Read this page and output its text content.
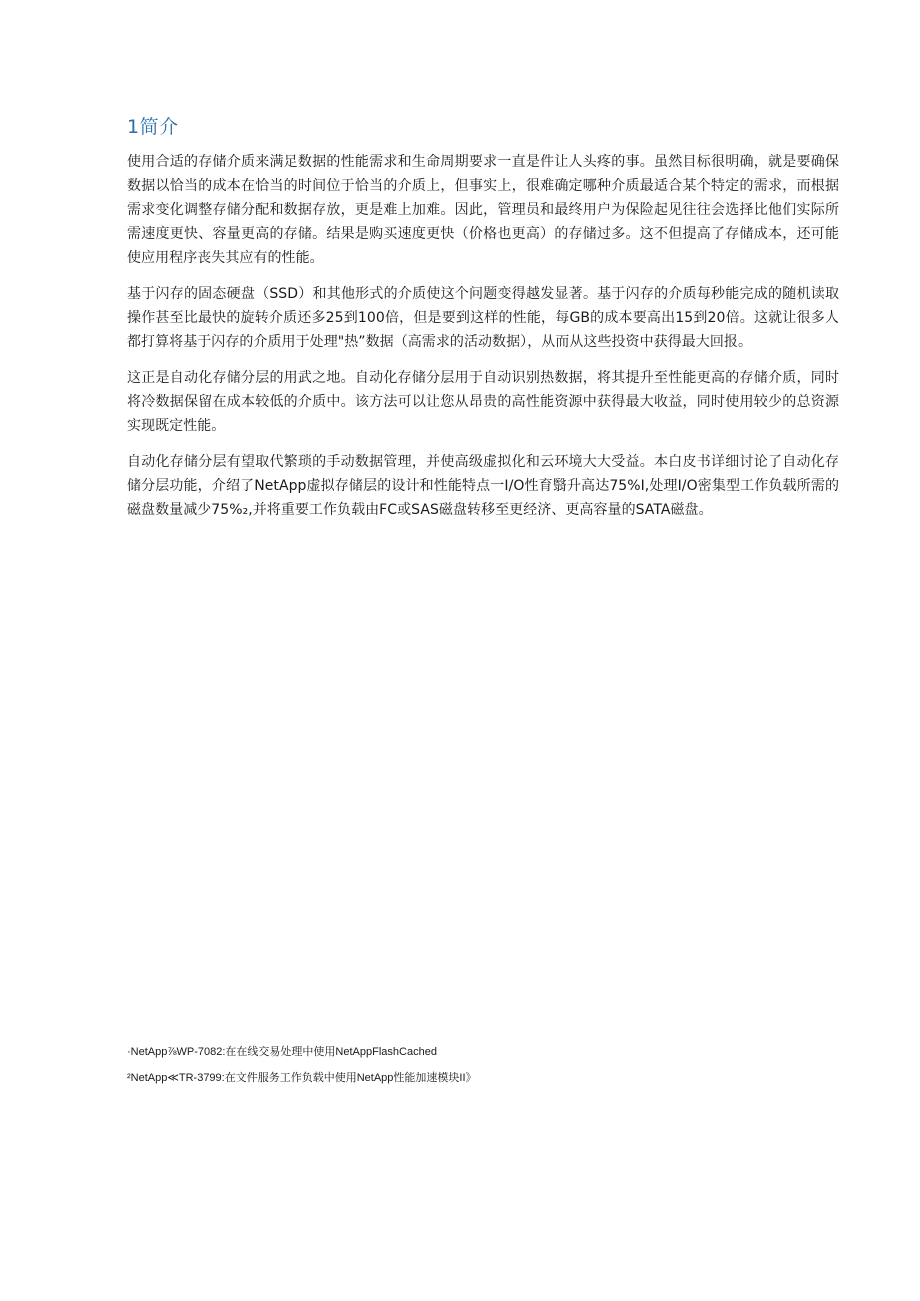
1简介

使用合适的存储介质来满足数据的性能需求和生命周期要求一直是件让人头疼的事。虽然目标很明确，就是要确保数据以恰当的成本在恰当的时间位于恰当的介质上，但事实上，很难确定哪种介质最适合某个特定的需求，而根据需求变化调整存储分配和数据存放，更是难上加难。因此，管理员和最终用户为保险起见往往会选择比他们实际所需速度更快、容量更高的存储。结果是购买速度更快（价格也更高）的存储过多。这不但提高了存储成本，还可能使应用程序丧失其应有的性能。

基于闪存的固态硬盘（SSD）和其他形式的介质使这个问题变得越发显著。基于闪存的介质每秒能完成的随机读取操作甚至比最快的旋转介质还多25到100倍，但是要到这样的性能，每GB的成本要高出15到20倍。这就让很多人都打算将基于闪存的介质用于处理"热”数据（高需求的活动数据），从而从这些投资中获得最大回报。

这正是自动化存储分层的用武之地。自动化存储分层用于自动识别热数据，将其提升至性能更高的存储介质，同时将冷数据保留在成本较低的介质中。该方法可以让您从昂贵的高性能资源中获得最大收益，同时使用较少的总资源实现既定性能。

自动化存储分层有望取代繁琐的手动数据管理，并使高级虚拟化和云环境大大受益。本白皮书详细讨论了自动化存储分层功能，介绍了NetApp虚拟存储层的设计和性能特点一I/O性育翳升高达75%I,处理I/O密集型工作负载所需的磁盘数量减少75%₂,并将重要工作负载由FC或SAS磁盘转移至更经济、更高容量的SATA磁盘。

·NetApp⅞WP-7082:在在线交易处理中使用NetAppFlashCached
²NetApp≪TR-3799:在文件服务工作负载中使用NetApp性能加速模块II》
